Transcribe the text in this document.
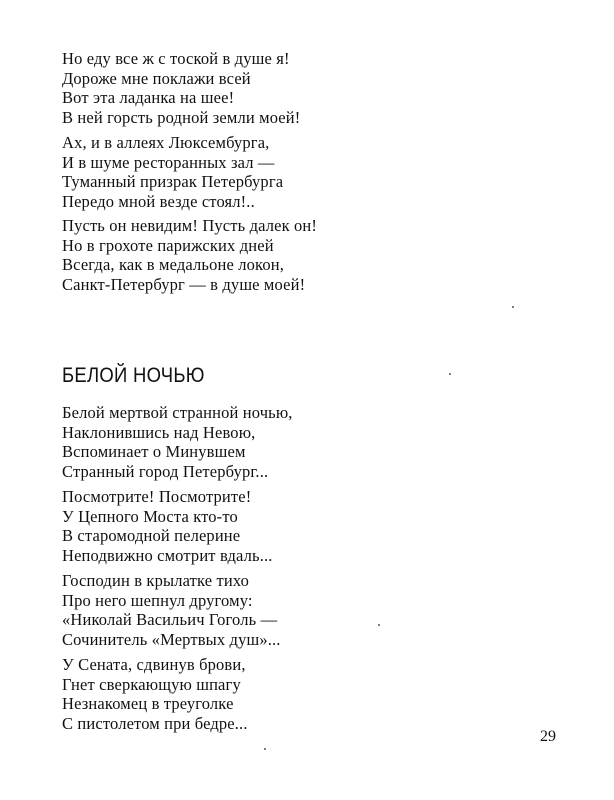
Но еду все ж с тоской в душе я!
Дороже мне поклажи всей
Вот эта ладанка на шее!
В ней горсть родной земли моей!
Ах, и в аллеях Люксембурга,
И в шуме ресторанных зал —
Туманный призрак Петербурга
Передо мной везде стоял!..
Пусть он невидим! Пусть далек он!
Но в грохоте парижских дней
Всегда, как в медальоне локон,
Санкт-Петербург — в душе моей!
БЕЛОЙ НОЧЬЮ
Белой мертвой странной ночью,
Наклонившись над Невою,
Вспоминает о Минувшем
Странный город Петербург...
Посмотрите! Посмотрите!
У Цепного Моста кто-то
В старомодной пелерине
Неподвижно смотрит вдаль...
Господин в крылатке тихо
Про него шепнул другому:
«Николай Васильич Гоголь —
Сочинитель «Мертвых душ»...
У Сената, сдвинув брови,
Гнет сверкающую шпагу
Незнакомец в треуголке
С пистолетом при бедре...
29
